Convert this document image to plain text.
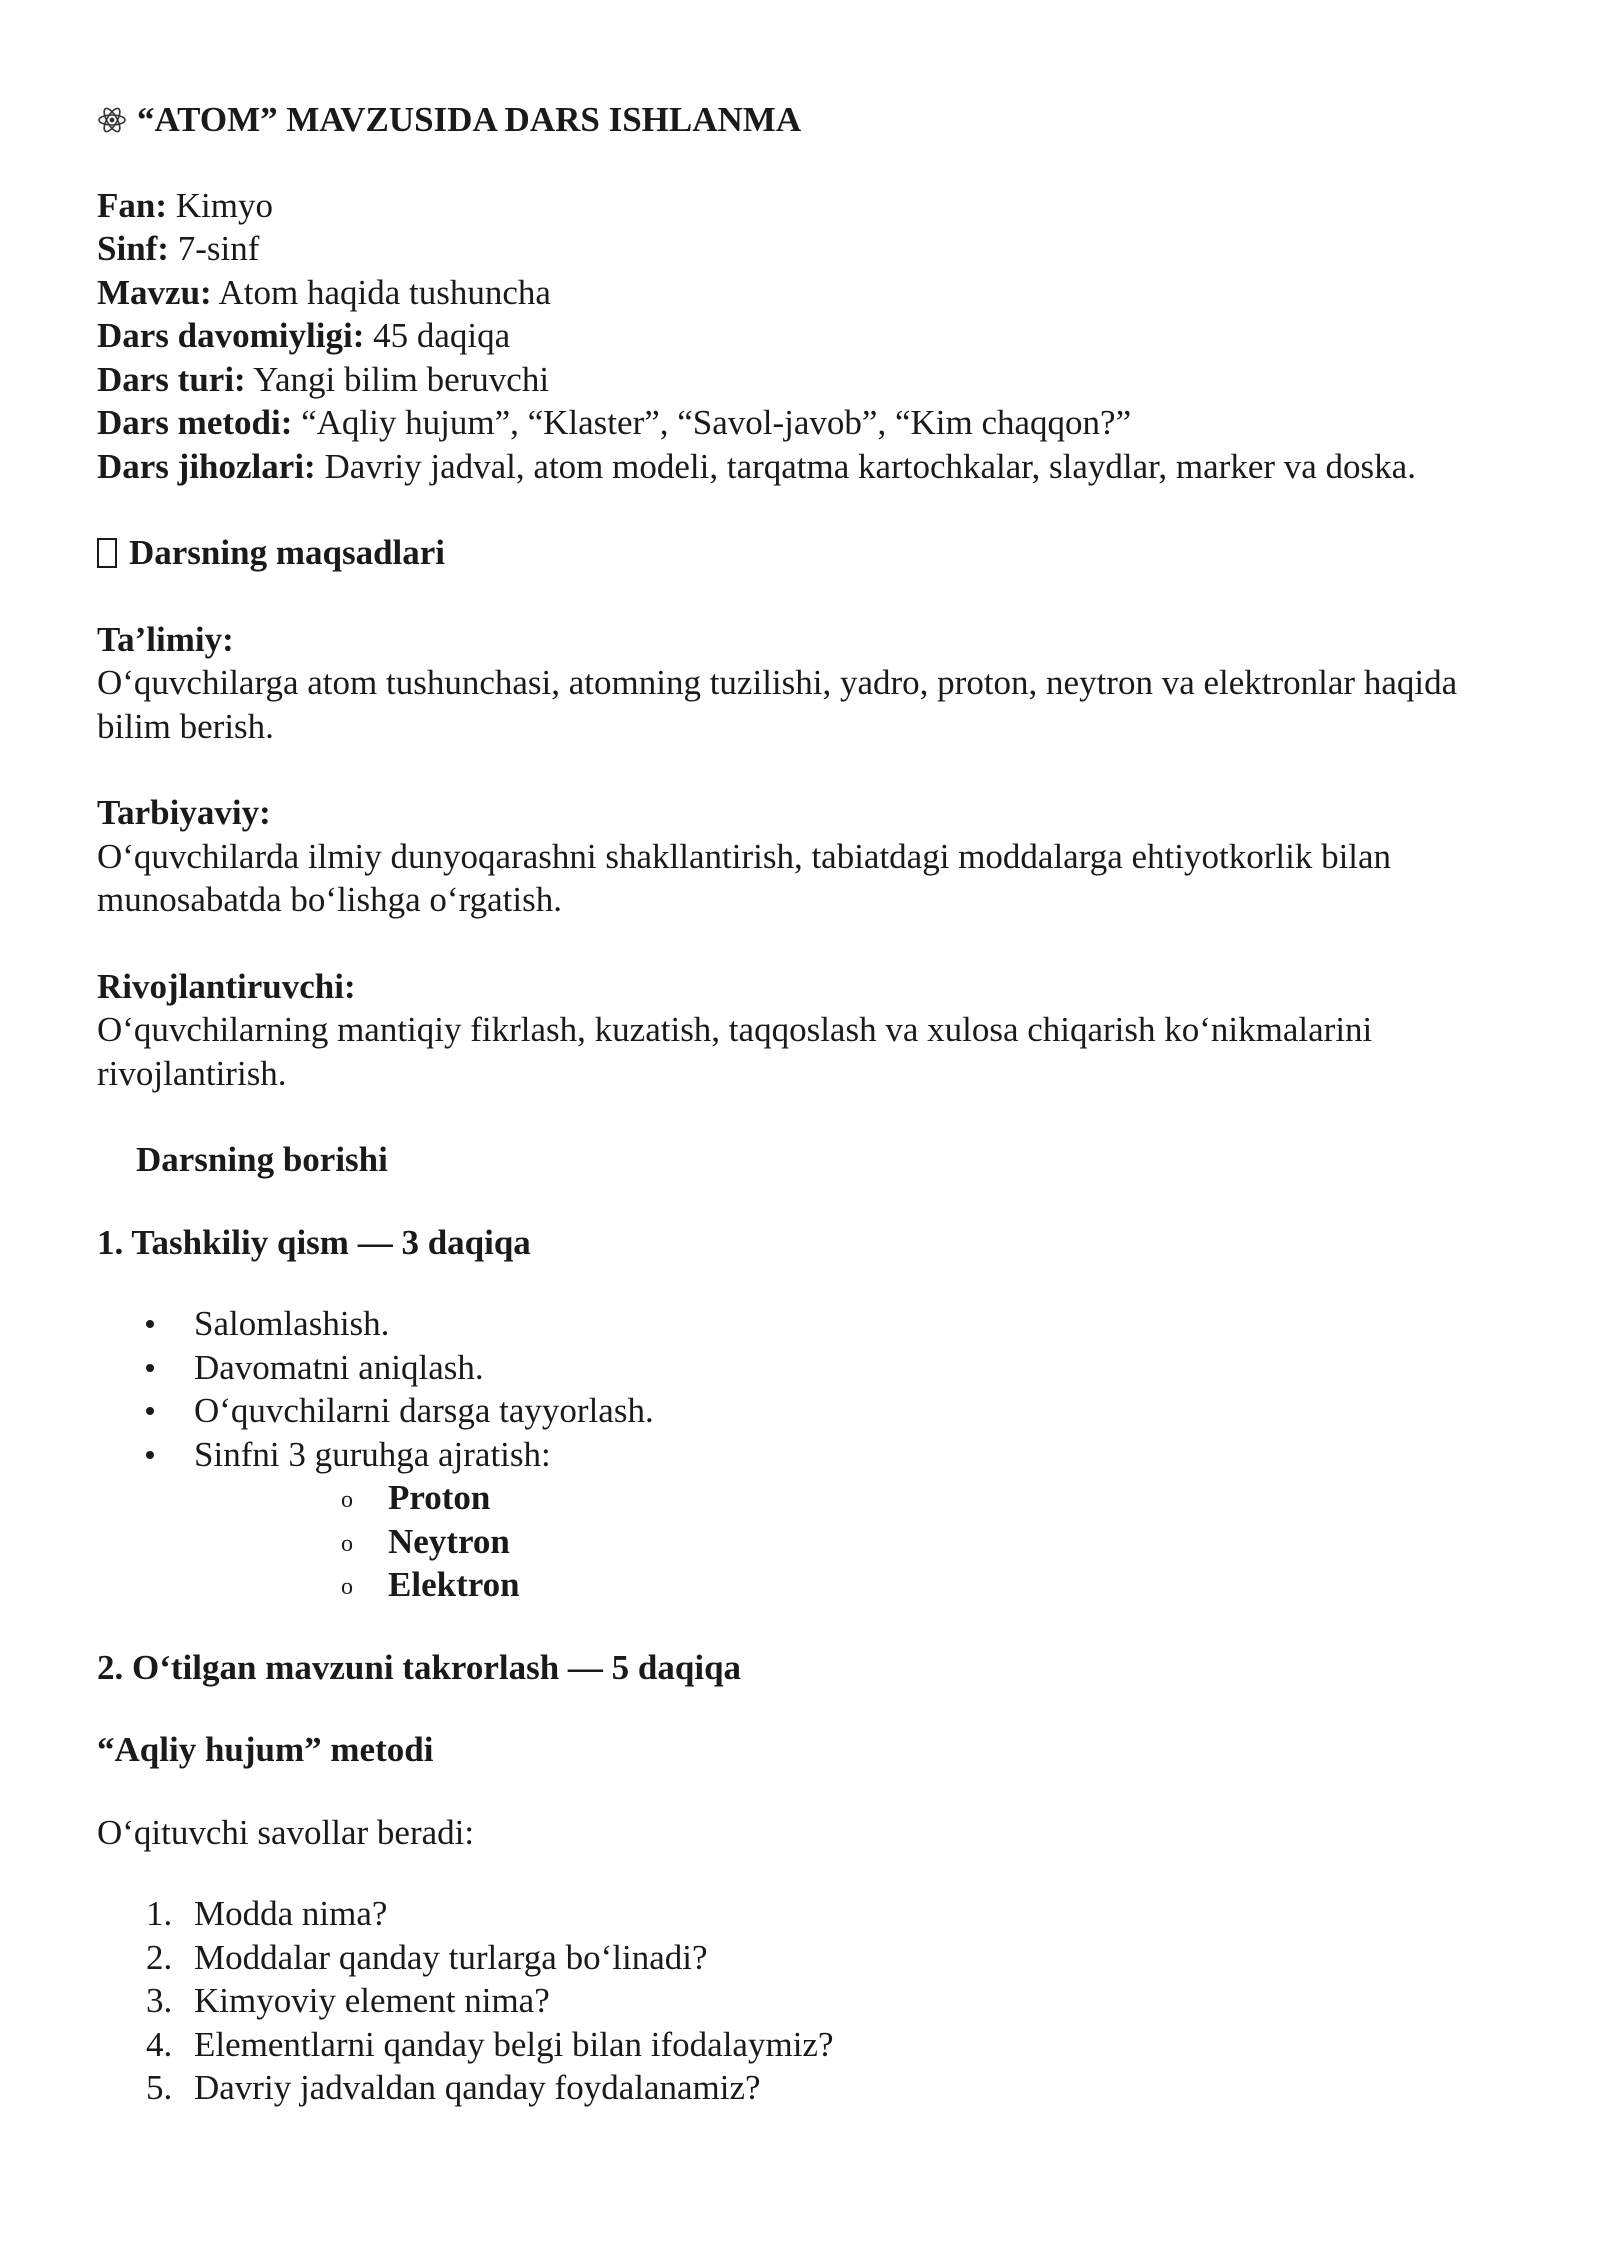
“ATOM” MAVZUSIDA DARS ISHLANMA

Fan: Kimyo

Sinf: 7-sinf

Mavzu: Atom haqida tushuncha

Dars davomiyligi: 45 daqiqa

Dars turi: Yangi bilim beruvchi

Dars metodi: “Aqliy hujum”, “Klaster”, “Savol-javob”, “Kim chaqqon?”

Dars jihozlari: Davriy jadval, atom modeli, tarqatma kartochkalar, slaydlar, marker va doska.

Darsning maqsadlari

Ta’limiy:

O‘quvchilarga atom tushunchasi, atomning tuzilishi, yadro, proton, neytron va elektronlar haqida bilim berish.

Tarbiyaviy:

O‘quvchilarda ilmiy dunyoqarashni shakllantirish, tabiatdagi moddalarga ehtiyotkorlik bilan munosabatda bo‘lishga o‘rgatish.

Rivojlantiruvchi:

O‘quvchilarning mantiqiy fikrlash, kuzatish, taqqoslash va xulosa chiqarish ko‘nikmalarini rivojlantirish.

Darsning borishi

1. Tashkiliy qism — 3 daqiqa

Salomlashish.
Davomatni aniqlash.
O‘quvchilarni darsga tayyorlash.
Sinfni 3 guruhga ajratish:
o Proton
o Neytron
o Elektron

2. O‘tilgan mavzuni takrorlash — 5 daqiqa

“Aqliy hujum” metodi

O‘qituvchi savollar beradi:

1. Modda nima?
2. Moddalar qanday turlarga bo‘linadi?
3. Kimyoviy element nima?
4. Elementlarni qanday belgi bilan ifodalaymiz?
5. Davriy jadvaldan qanday foydalanamiz?
